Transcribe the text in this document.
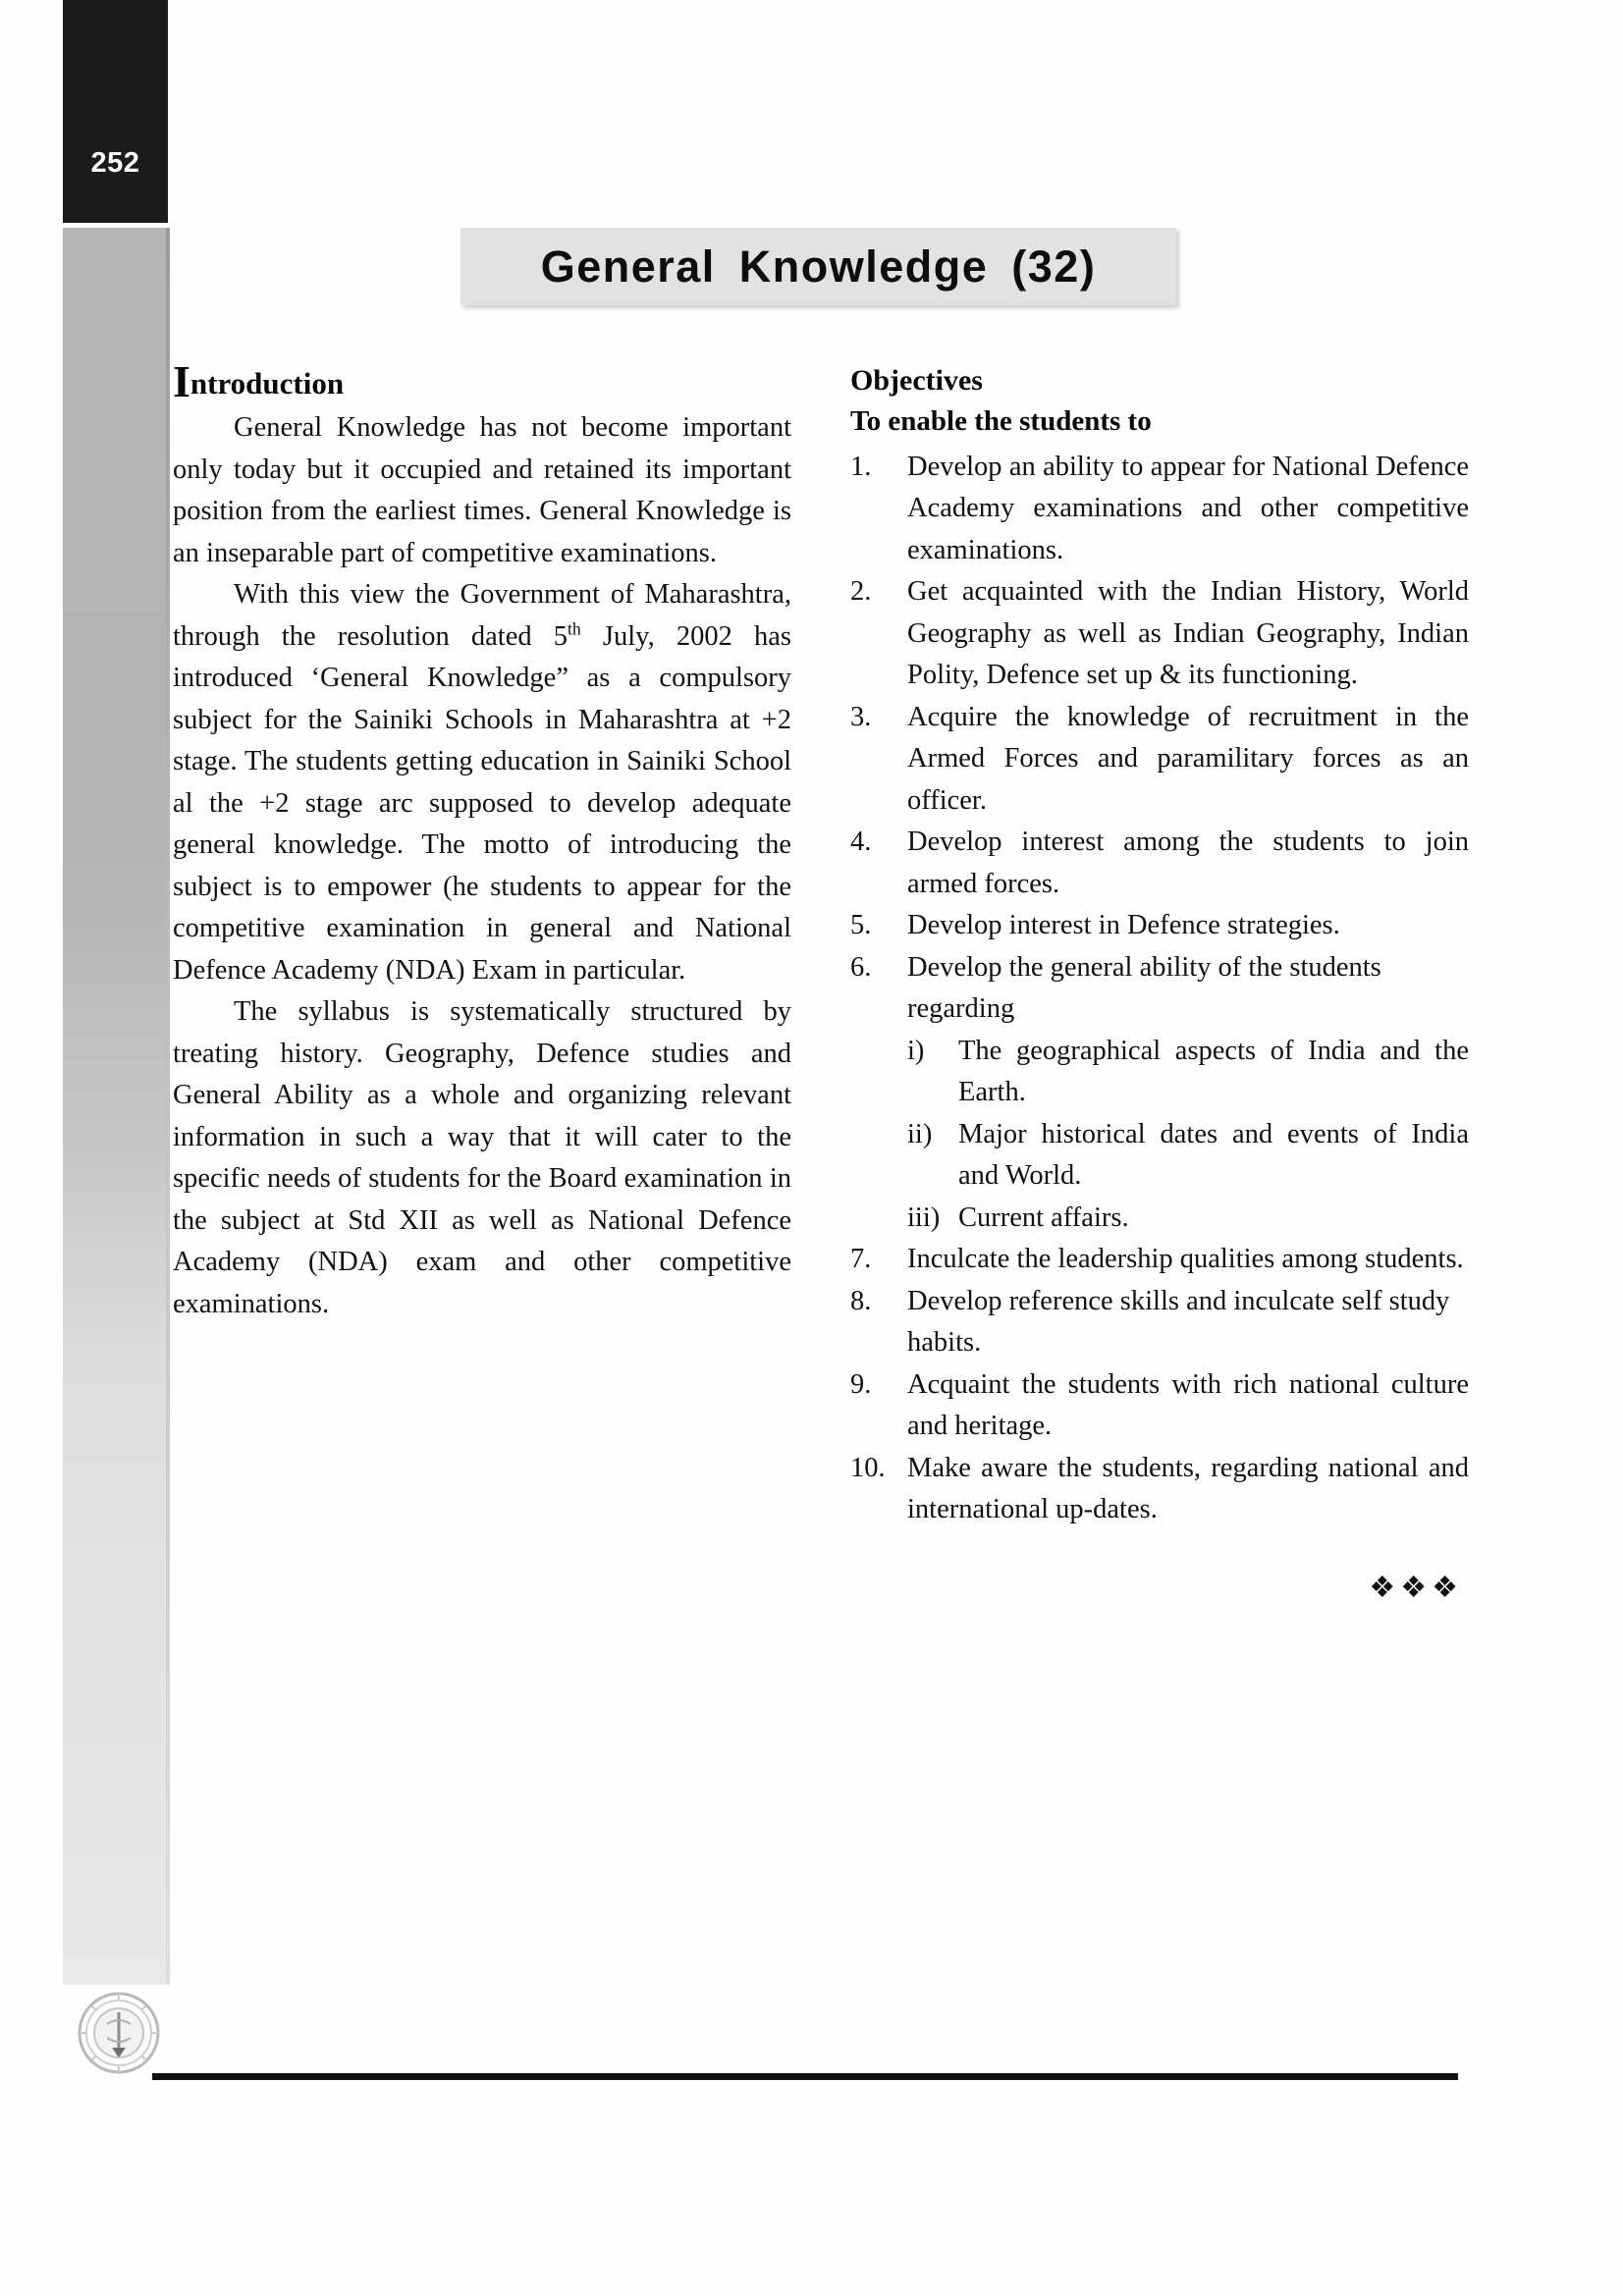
252
General Knowledge (32)
Introduction

General Knowledge has not become important only today but it occupied and retained its important position from the earliest times. General Knowledge is an inseparable part of competitive examinations.

With this view the Government of Maharashtra, through the resolution dated 5th July, 2002 has introduced ‘General Knowledge” as a compulsory subject for the Sainiki Schools in Maharashtra at +2 stage. The students getting education in Sainiki School al the +2 stage arc supposed to develop adequate general knowledge. The motto of introducing the subject is to empower (he students to appear for the competitive examination in general and National Defence Academy (NDA) Exam in particular.

The syllabus is systematically structured by treating history. Geography, Defence studies and General Ability as a whole and organizing relevant information in such a way that it will cater to the specific needs of students for the Board examination in the subject at Std XII as well as National Defence Academy (NDA) exam and other competitive examinations.

Objectives
To enable the students to
1.	Develop an ability to appear for National Defence Academy examinations and other competitive examinations.
2.	Get acquainted with the Indian History, World Geography as well as Indian Geography, Indian Polity, Defence set up & its functioning.
3.	Acquire the knowledge of recruitment in the Armed Forces and paramilitary forces as an officer.
4.	Develop interest among the students to join armed forces.
5.	Develop interest in Defence strategies.
6.	Develop the general ability of the students regarding
i)	The geographical aspects of India and the Earth.
ii) Major historical dates and events of India and World.
iii) Current affairs.
7.	Inculcate the leadership qualities among students.
8.	Develop reference skills and inculcate self study habits.
9.	Acquaint the students with rich national culture and heritage.
10. Make aware the students, regarding national and international up-dates.
❖❖❖
